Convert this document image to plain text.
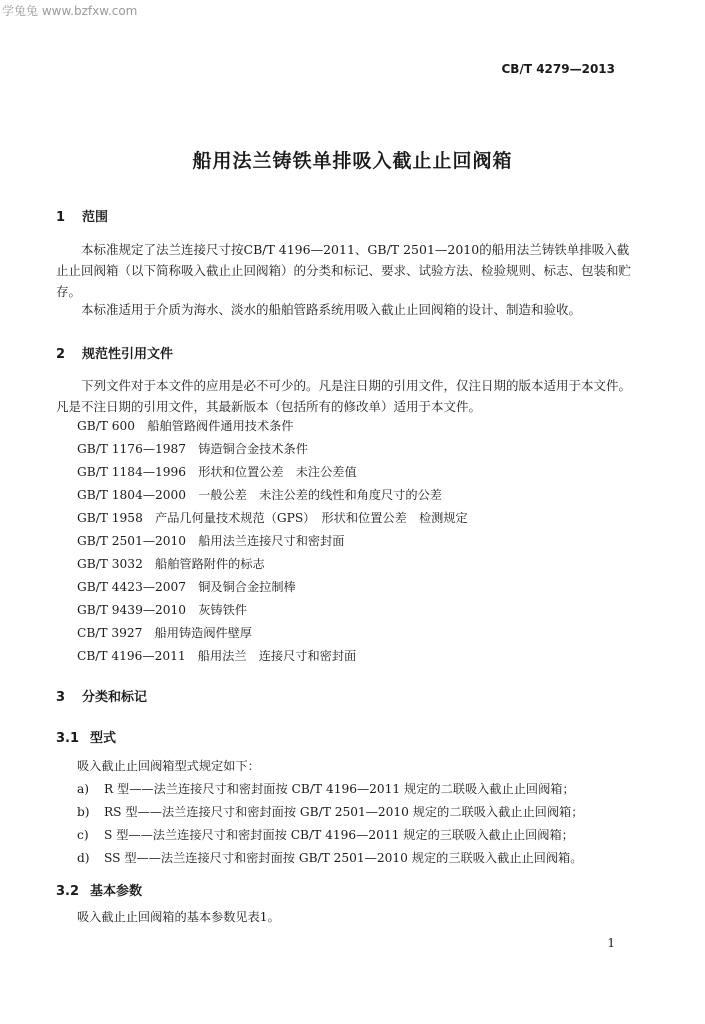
学兔兔 www.bzfxw.com
CB/T 4279—2013
船用法兰铸铁单排吸入截止止回阀箱
1 范围
本标准规定了法兰连接尺寸按CB/T 4196—2011、GB/T 2501—2010的船用法兰铸铁单排吸入截止止回阀箱（以下简称吸入截止止回阀箱）的分类和标记、要求、试验方法、检验规则、标志、包装和贮存。
本标准适用于介质为海水、淡水的船舶管路系统用吸入截止止回阀箱的设计、制造和验收。
2 规范性引用文件
下列文件对于本文件的应用是必不可少的。凡是注日期的引用文件，仅注日期的版本适用于本文件。凡是不注日期的引用文件，其最新版本（包括所有的修改单）适用于本文件。
GB/T 600　船舶管路阀件通用技术条件
GB/T 1176—1987　铸造铜合金技术条件
GB/T 1184—1996　形状和位置公差　未注公差值
GB/T 1804—2000　一般公差　未注公差的线性和角度尺寸的公差
GB/T 1958　产品几何量技术规范（GPS）　形状和位置公差　检测规定
GB/T 2501—2010　船用法兰连接尺寸和密封面
GB/T 3032　船舶管路附件的标志
GB/T 4423—2007　铜及铜合金拉制棒
GB/T 9439—2010　灰铸铁件
CB/T 3927　船用铸造阀件壁厚
CB/T 4196—2011　船用法兰　连接尺寸和密封面
3 分类和标记
3.1 型式
吸入截止止回阀箱型式规定如下：
a) R 型——法兰连接尺寸和密封面按 CB/T 4196—2011 规定的二联吸入截止止回阀箱；
b) RS 型——法兰连接尺寸和密封面按 GB/T 2501—2010 规定的二联吸入截止止回阀箱；
c) S 型——法兰连接尺寸和密封面按 CB/T 4196—2011 规定的三联吸入截止止回阀箱；
d) SS 型——法兰连接尺寸和密封面按 GB/T 2501—2010 规定的三联吸入截止止回阀箱。
3.2 基本参数
吸入截止止回阀箱的基本参数见表1。
1
